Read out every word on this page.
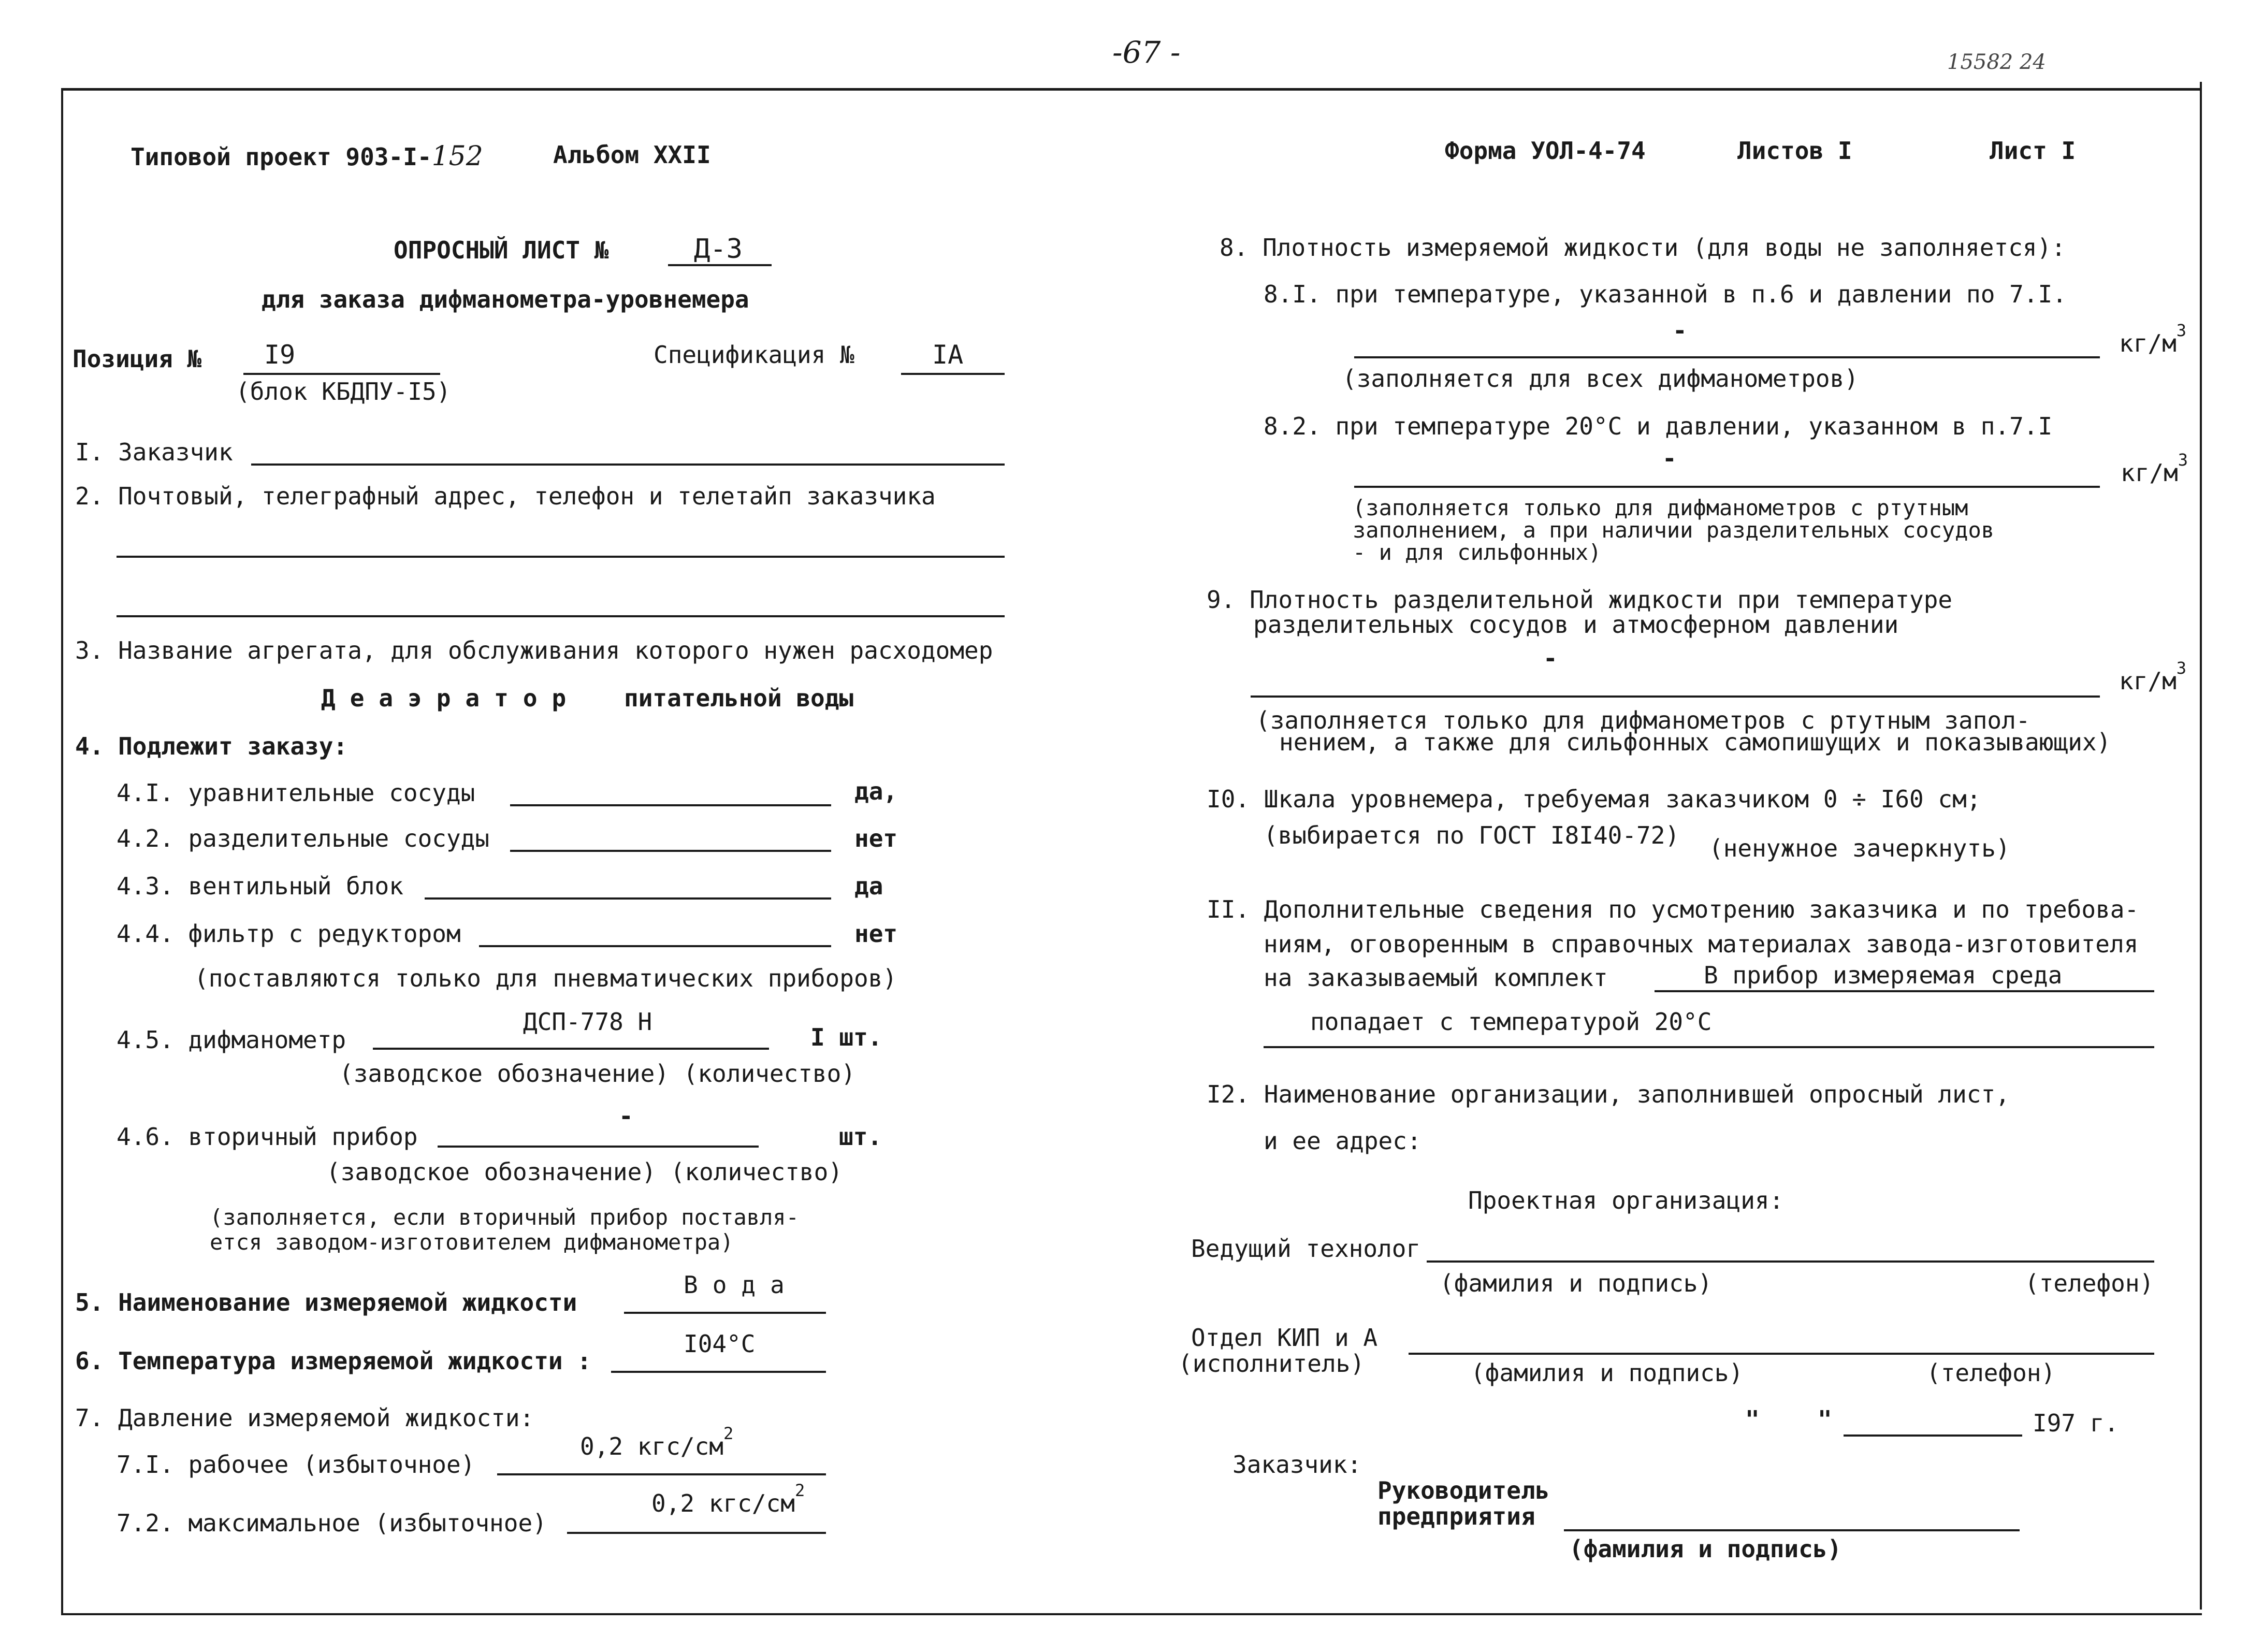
-67 -	15582 24
Типовой проект 903-I-152	Альбом XXII	Форма УОЛ-4-74	Листов I	Лист I
ОПРОСНЫЙ ЛИСТ №	Д-3
для заказа дифманометра-уровнемера
Позиция № I9
(блок КБДПУ-I5)
Спецификация №	IA
I. Заказчик
2. Почтовый, телеграфный адрес, телефон и телетайп заказчика
3. Название агрегата, для обслуживания которого нужен расходомер
Деаэратор питательной воды
4. Подлежит заказу:
4.I. уравнительные сосуды	да,
4.2. разделительные сосуды	нет
4.3. вентильный блок	да
4.4. фильтр с редуктором	нет
(поставляются только для пневматических приборов)
4.5. дифманометр
ДСП-778 Н
I шт.
(заводское обозначение) (количество)
4.6. вторичный прибор
-
шт.
(заводское обозначение) (количество)
(заполняется, если вторичный прибор поставля-
ется заводом-изготовителем дифманометра)
5. Наименование измеряемой жидкости
Вода
6. Температура измеряемой жидкости :
I04°C
7. Давление измеряемой жидкости:
7.I. рабочее (избыточное)
0,2 кгс/$см^2$
7.2. максимальное (избыточное)
0,2 кгс/$см^2$
8. Плотность измеряемой жидкости (для воды не заполняется):
8.I. при температуре, указанной в п.6 и давлении по 7.I.
-	$кг/м^3$
(заполняется для всех дифманометров)
8.2. при температуре 20°С и давлении, указанном в п.7.I
-
$кг/м^3$
(заполняется только для дифманометров с ртутным
заполнением, а при наличии разделительных сосудов
- и для сильфонных)
9. Плотность разделительной жидкости при температуре
разделительных сосудов и атмосферном давлении
-
$кг/м^3$
(заполняется только для дифманометров с ртутным запол-
нением, а также для сильфонных самопишущих и показывающих)
I0. Шкала уровнемера, требуемая заказчиком 0 ÷ I60 см;
(выбирается по ГОСТ I8I40-72) (ненужное зачеркнуть)
II. Дополнительные сведения по усмотрению заказчика и по требова-
ниям, оговоренным в справочных материалах завода-изготовителя
на заказываемый комплект	В прибор измеряемая среда
попадает с температурой 20°С
I2. Наименование организации, заполнившей опросный лист,
и ее адрес:
Проектная организация:
Ведущий технолог
(фамилия и подпись)	(телефон)
Отдел КИП и А
(исполнитель)	(фамилия и подпись)	(телефон)
" "	I97 г.
Заказчик:
Руководитель
предприятия
(фамилия и подпись)
